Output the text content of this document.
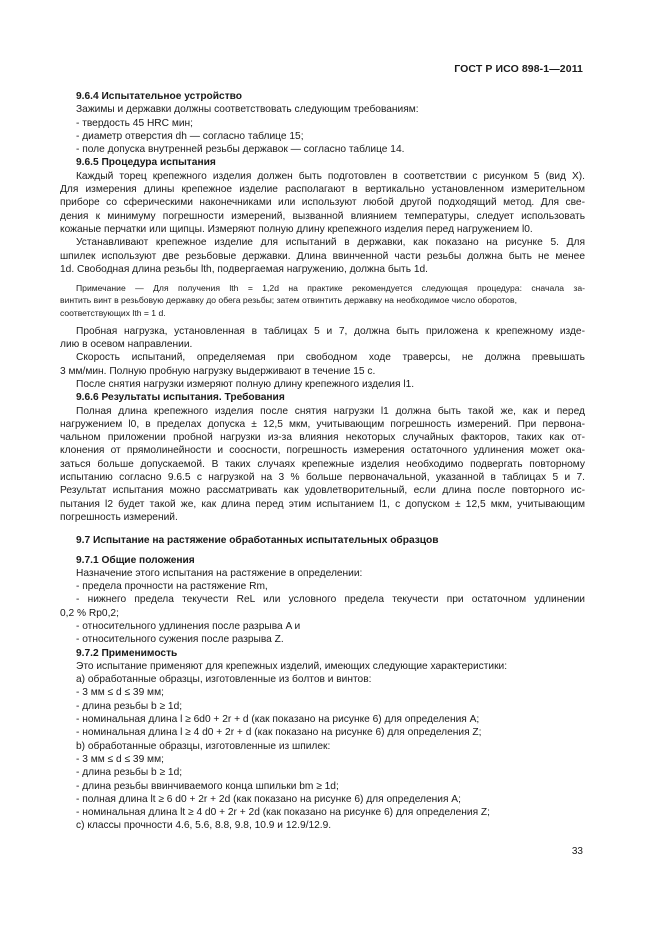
ГОСТ Р ИСО 898-1—2011
9.6.4 Испытательное устройство
Зажимы и державки должны соответствовать следующим требованиям:
- твердость 45 HRC мин;
- диаметр отверстия dh — согласно таблице 15;
- поле допуска внутренней резьбы державок — согласно таблице 14.
9.6.5 Процедура испытания
Каждый торец крепежного изделия должен быть подготовлен в соответствии с рисунком 5 (вид X).
Для измерения длины крепежное изделие располагают в вертикально установленном измерительном
приборе со сферическими наконечниками или используют любой другой подходящий метод. Для све-
дения к минимуму погрешности измерений, вызванной влиянием температуры, следует использовать
кожаные перчатки или щипцы. Измеряют полную длину крепежного изделия перед нагружением l0.
Устанавливают крепежное изделие для испытаний в державки, как показано на рисунке 5. Для
шпилек используют две резьбовые державки. Длина ввинченной части резьбы должна быть не менее
1d. Свободная длина резьбы lth, подвергаемая нагружению, должна быть 1d.
Примечание — Для получения lth = 1,2d на практике рекомендуется следующая процедура: сначала за-
винтить винт в резьбовую державку до обега резьбы; затем отвинтить державку на необходимое число оборотов,
соответствующих lth = 1 d.
Пробная нагрузка, установленная в таблицах 5 и 7, должна быть приложена к крепежному изде-
лию в осевом направлении.
Скорость испытаний, определяемая при свободном ходе траверсы, не должна превышать
3 мм/мин. Полную пробную нагрузку выдерживают в течение 15 с.
После снятия нагрузки измеряют полную длину крепежного изделия l1.
9.6.6 Результаты испытания. Требования
Полная длина крепежного изделия после снятия нагрузки l1 должна быть такой же, как и перед
нагружением l0, в пределах допуска ± 12,5 мкм, учитывающим погрешность измерений. При первона-
чальном приложении пробной нагрузки из-за влияния некоторых случайных факторов, таких как от-
клонения от прямолинейности и соосности, погрешность измерения остаточного удлинения может ока-
заться больше допускаемой. В таких случаях крепежные изделия необходимо подвергать повторному
испытанию согласно 9.6.5 с нагрузкой на 3 % больше первоначальной, указанной в таблицах 5 и 7.
Результат испытания можно рассматривать как удовлетворительный, если длина после повторного ис-
пытания l2 будет такой же, как длина перед этим испытанием l1, с допуском ± 12,5 мкм, учитывающим
погрешность измерений.
9.7 Испытание на растяжение обработанных испытательных образцов
9.7.1 Общие положения
Назначение этого испытания на растяжение в определении:
- предела прочности на растяжение Rm,
- нижнего предела текучести ReL или условного предела текучести при остаточном удлинении
0,2 % Rp0,2;
- относительного удлинения после разрыва A и
- относительного сужения после разрыва Z.
9.7.2 Применимость
Это испытание применяют для крепежных изделий, имеющих следующие характеристики:
а) обработанные образцы, изготовленные из болтов и винтов:
- 3 мм ≤ d ≤ 39 мм;
- длина резьбы b ≥ 1d;
- номинальная длина l ≥ 6d0 + 2r + d (как показано на рисунке 6) для определения A;
- номинальная длина l ≥ 4 d0 + 2r + d (как показано на рисунке 6) для определения Z;
b) обработанные образцы, изготовленные из шпилек:
- 3 мм ≤ d ≤ 39 мм;
- длина резьбы b ≥ 1d;
- длина резьбы ввинчиваемого конца шпильки bm ≥ 1d;
- полная длина lt ≥ 6 d0 + 2r + 2d (как показано на рисунке 6) для определения A;
- номинальная длина lt ≥ 4 d0 + 2r + 2d (как показано на рисунке 6) для определения Z;
с) классы прочности 4.6, 5.6, 8.8, 9.8, 10.9 и 12.9/12.9.
33
